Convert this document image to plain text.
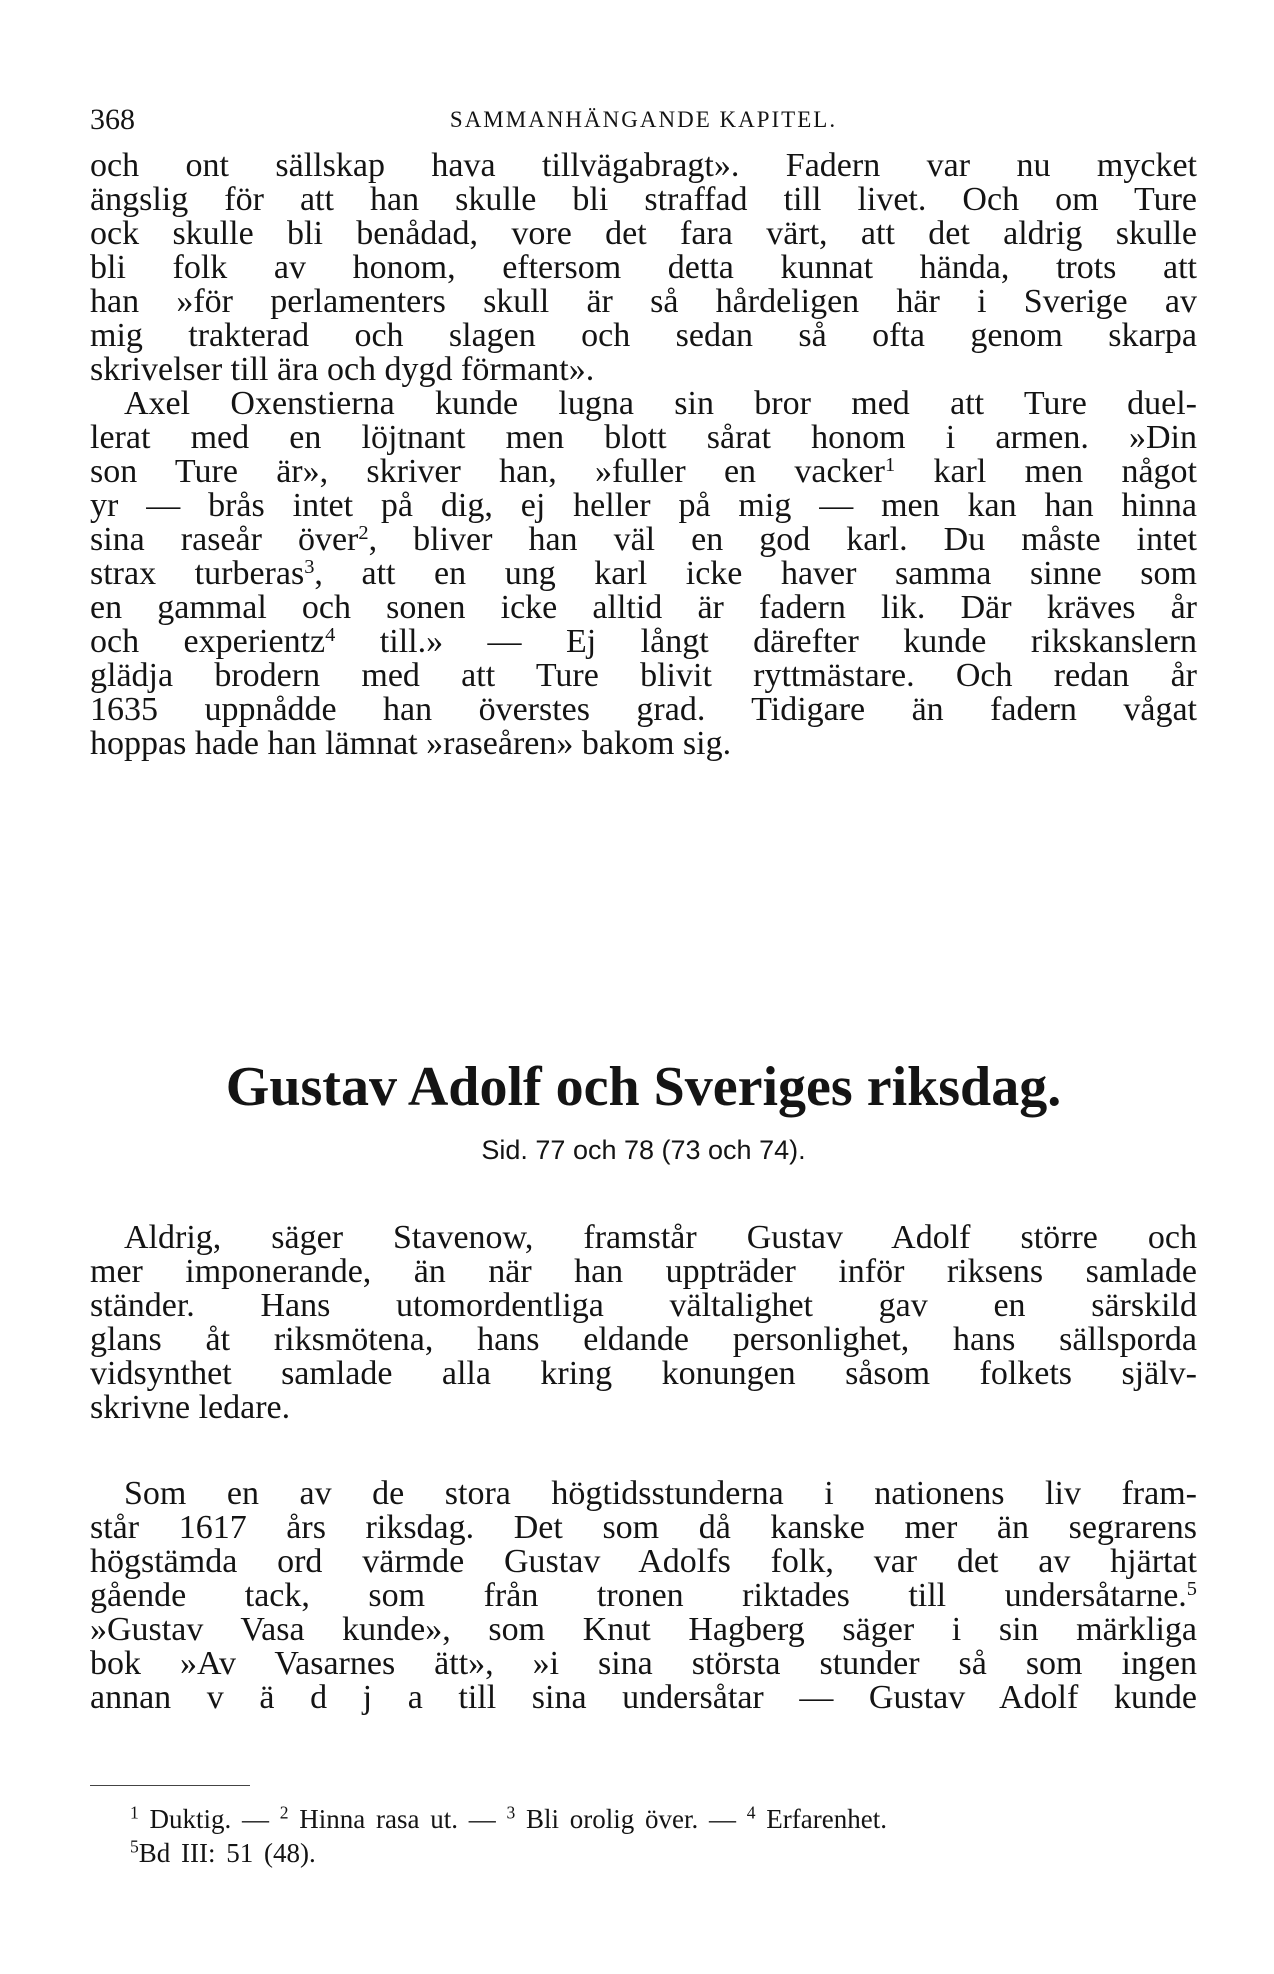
368	SAMMANHÄNGANDE KAPITEL.
och ont sällskap hava tillvägabragt». Fadern var nu mycket
ängslig för att han skulle bli straffad till livet. Och om Ture
ock skulle bli benådad, vore det fara värt, att det aldrig skulle
bli folk av honom, eftersom detta kunnat hända, trots att
han »för perlamenters skull är så hårdeligen här i Sverige av
mig trakterad och slagen och sedan så ofta genom skarpa
skrivelser till ära och dygd förmant».
Axel Oxenstierna kunde lugna sin bror med att Ture duel-
lerat med en löjtnant men blott sårat honom i armen. »Din
son Ture är», skriver han, »fuller en vacker$^1$ karl men något
yr — brås intet på dig, ej heller på mig — men kan han hinna
sina raseår över$^2$, bliver han väl en god karl. Du måste intet
strax turberas$^3$, att en ung karl icke haver samma sinne som
en gammal och sonen icke alltid är fadern lik. Där kräves år
och experientz$^4$ till.» — Ej långt därefter kunde rikskanslern
glädja brodern med att Ture blivit ryttmästare. Och redan år
1635 uppnådde han överstes grad. Tidigare än fadern vågat
hoppas hade han lämnat »raseåren» bakom sig.
Gustav Adolf och Sveriges riksdag.
Sid. 77 och 78 (73 och 74).
Aldrig, säger Stavenow, framstår Gustav Adolf större och
mer imponerande, än när han uppträder inför riksens samlade
ständer. Hans utomordentliga vältalighet gav en särskild
glans åt riksmötena, hans eldande personlighet, hans sällsporda
vidsynthet samlade alla kring konungen såsom folkets själv-
skrivne ledare.
Som en av de stora högtidsstunderna i nationens liv fram-
står 1617 års riksdag. Det som då kanske mer än segrarens
högstämda ord värmde Gustav Adolfs folk, var det av hjärtat
gående tack, som från tronen riktades till undersåtarne.$^5$
»Gustav Vasa kunde», som Knut Hagberg säger i sin märkliga
bok »Av Vasarnes ätt», »i sina största stunder så som ingen
annan v ä d j a till sina undersåtar — Gustav Adolf kunde
$^1$ Duktig. — $^2$ Hinna rasa ut. — $^3$ Bli orolig över. — $^4$ Erfarenhet.
$^5$Bd III: 51 (48).
